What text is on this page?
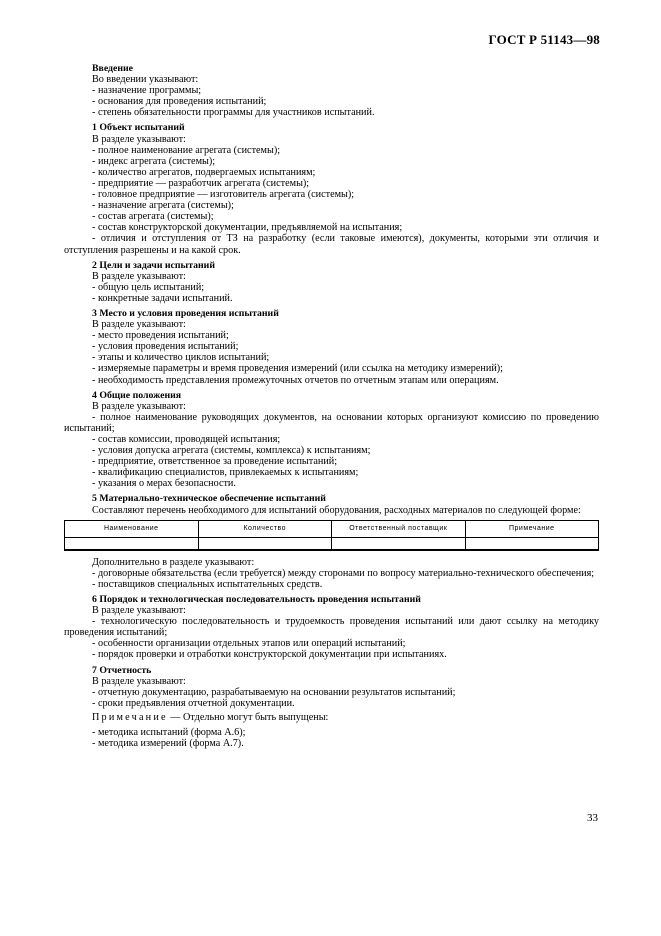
ГОСТ Р 51143—98
Введение
Во введении указывают:
- назначение программы;
- основания для проведения испытаний;
- степень обязательности программы для участников испытаний.
1 Объект испытаний
В разделе указывают:
- полное наименование агрегата (системы);
- индекс агрегата (системы);
- количество агрегатов, подвергаемых испытаниям;
- предприятие — разработчик агрегата (системы);
- головное предприятие — изготовитель агрегата (системы);
- назначение агрегата (системы);
- состав агрегата (системы);
- состав конструкторской документации, предъявляемой на испытания;
- отличия и отступления от ТЗ на разработку (если таковые имеются), документы, которыми эти отличия и отступления разрешены и на какой срок.
2 Цели и задачи испытаний
В разделе указывают:
- общую цель испытаний;
- конкретные задачи испытаний.
3 Место и условия проведения испытаний
В разделе указывают:
- место проведения испытаний;
- условия проведения испытаний;
- этапы и количество циклов испытаний;
- измеряемые параметры и время проведения измерений (или ссылка на методику измерений);
- необходимость представления промежуточных отчетов по отчетным этапам или операциям.
4 Общие положения
В разделе указывают:
- полное наименование руководящих документов, на основании которых организуют комиссию по проведению испытаний;
- состав комиссии, проводящей испытания;
- условия допуска агрегата (системы, комплекса) к испытаниям;
- предприятие, ответственное за проведение испытаний;
- квалификацию специалистов, привлекаемых к испытаниям;
- указания о мерах безопасности.
5 Материально-техническое обеспечение испытаний
Составляют перечень необходимого для испытаний оборудования, расходных материалов по следующей форме:
Наименование	Количество	Ответственный поставщик	Примечание

Дополнительно в разделе указывают:
- договорные обязательства (если требуется) между сторонами по вопросу материально-технического обеспечения;
- поставщиков специальных испытательных средств.
6 Порядок и технологическая последовательность проведения испытаний
В разделе указывают:
- технологическую последовательность и трудоемкость проведения испытаний или дают ссылку на методику проведения испытаний;
- особенности организации отдельных этапов или операций испытаний;
- порядок проверки и отработки конструкторской документации при испытаниях.
7 Отчетность
В разделе указывают:
- отчетную документацию, разрабатываемую на основании результатов испытаний;
- сроки предъявления отчетной документации.
Примечание — Отдельно могут быть выпущены:
- методика испытаний (форма А.6);
- методика измерений (форма А.7).
33
